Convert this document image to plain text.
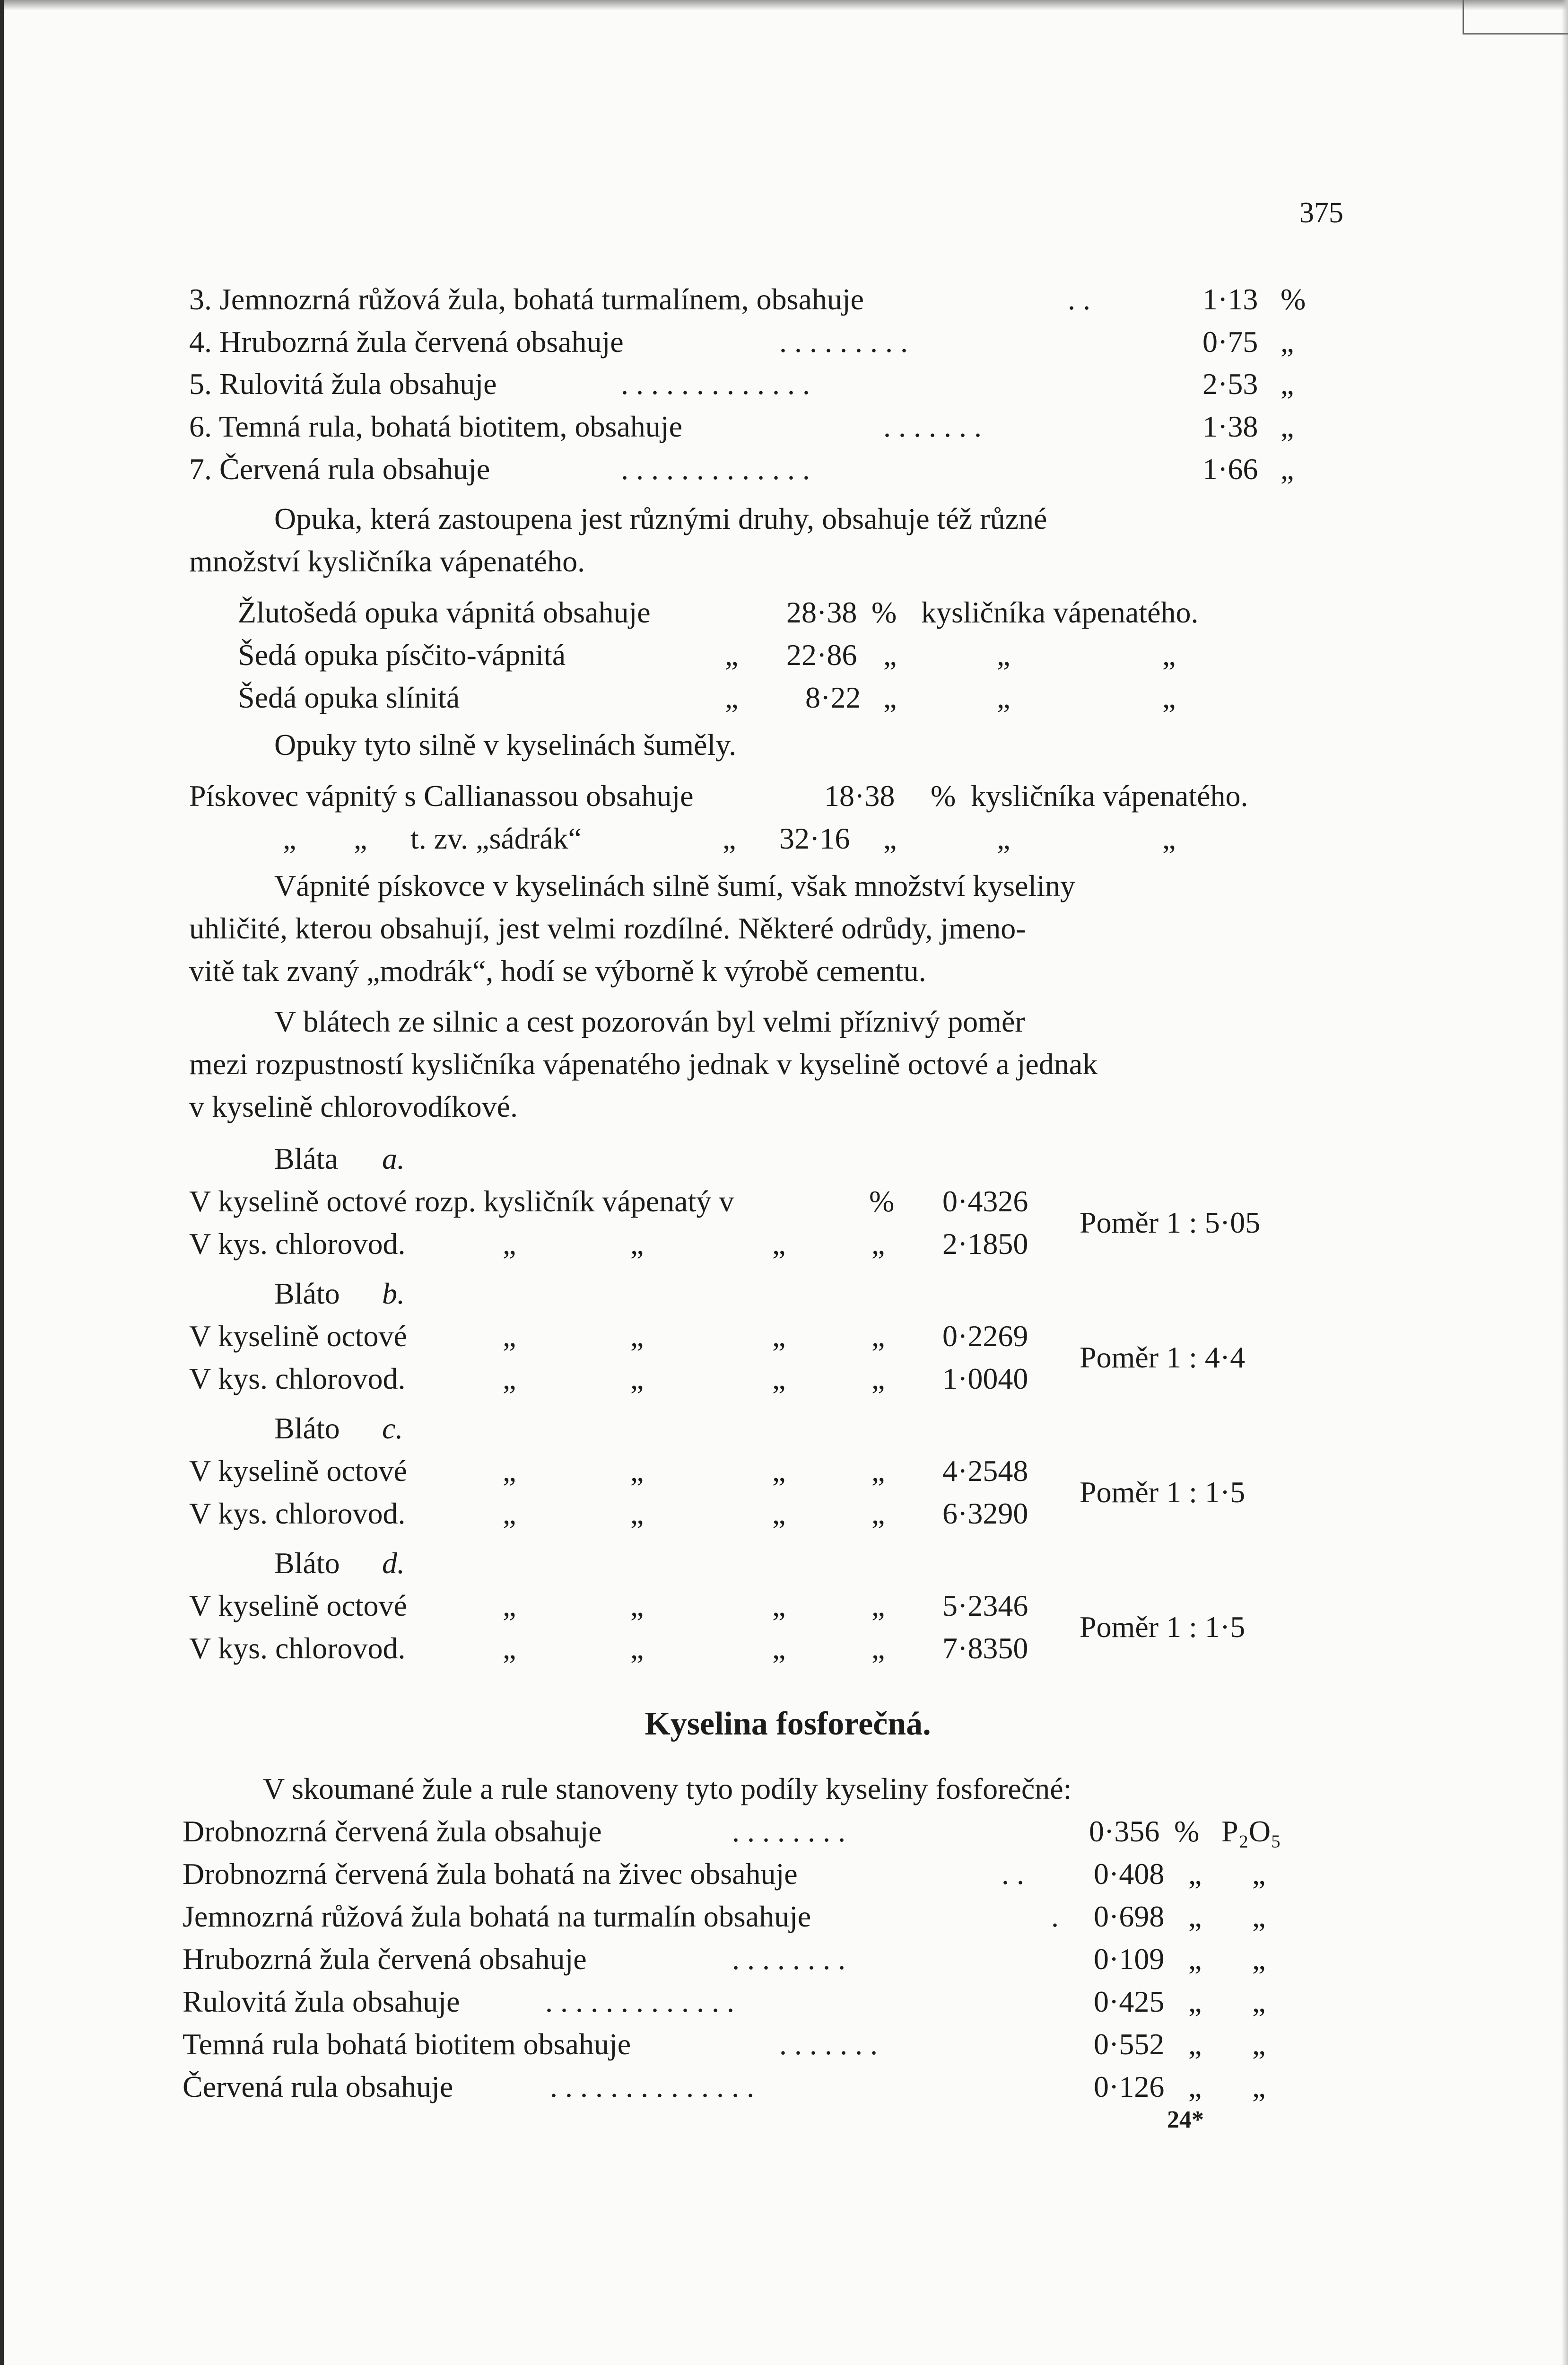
375
3. Jemnozrná růžová žula, bohatá turmalínem, obsahuje	. .	1·13 %
4. Hrubozrná žula červená obsahuje	. . . . . . . . .	0·75 „
5. Rulovitá žula obsahuje	. . . . . . . . . . . . .	2·53 „
6. Temná rula, bohatá biotitem, obsahuje	. . . . . . .	1·38 „
7. Červená rula obsahuje	. . . . . . . . . . . . .	1·66 „
Opuka, která zastoupena jest různými druhy, obsahuje též různé
množství kysličníka vápenatého.
Žlutošedá opuka vápnitá obsahuje	28·38 % kysličníka vápenatého.
Šedá opuka písčito-vápnitá	„ 22·86 „	„	„
Šedá opuka slínitá	„ 8·22 „	„	„
Opuky tyto silně v kyselinách šuměly.
Pískovec vápnitý s Callianassou obsahuje	18·38 % kysličníka vápenatého.
„ „ t. zv. „sádrák“	„ 32·16 „	„	„
Vápnité pískovce v kyselinách silně šumí, však množství kyseliny
uhličité, kterou obsahují, jest velmi rozdílné. Některé odrůdy, jmeno-
vitě tak zvaný „modrák“, hodí se výborně k výrobě cementu.
V blátech ze silnic a cest pozorován byl velmi příznivý poměr
mezi rozpustností kysličníka vápenatého jednak v kyselině octové a jednak
v kyselině chlorovodíkové.
Bláta a.
V kyselině octové rozp. kysličník vápenatý v	% 0·4326
V kys. chlorovod.	„	„	„	„ 2·1850
Poměr 1 : 5·05
Bláto b.
V kyselině octové	„	„	„	„ 0·2269
V kys. chlorovod.	„	„	„	„ 1·0040
Poměr 1 : 4·4
Bláto c.
V kyselině octové	„	„	„	„ 4·2548
V kys. chlorovod.	„	„	„	„ 6·3290
Poměr 1 : 1·5
Bláto d.
V kyselině octové	„	„	„	„ 5·2346
V kys. chlorovod.	„	„	„	„ 7·8350
Poměr 1 : 1·5
Kyselina fosforečná.
V skoumané žule a rule stanoveny tyto podíly kyseliny fosforečné:
Drobnozrná červená žula obsahuje	. . . . . . . .	0·356 % P₂O₅
Drobnozrná červená žula bohatá na živec obsahuje	. . 0·408 „ „
Jemnozrná růžová žula bohatá na turmalín obsahuje	. 0·698 „ „
Hrubozrná žula červená obsahuje	. . . . . . . .	0·109 „ „
Rulovitá žula obsahuje	. . . . . . . . . . . . .	0·425 „ „
Temná rula bohatá biotitem obsahuje	. . . . . . .	0·552 „ „
Červená rula obsahuje	. . . . . . . . . . . . . .	0·126 „ „
24*
